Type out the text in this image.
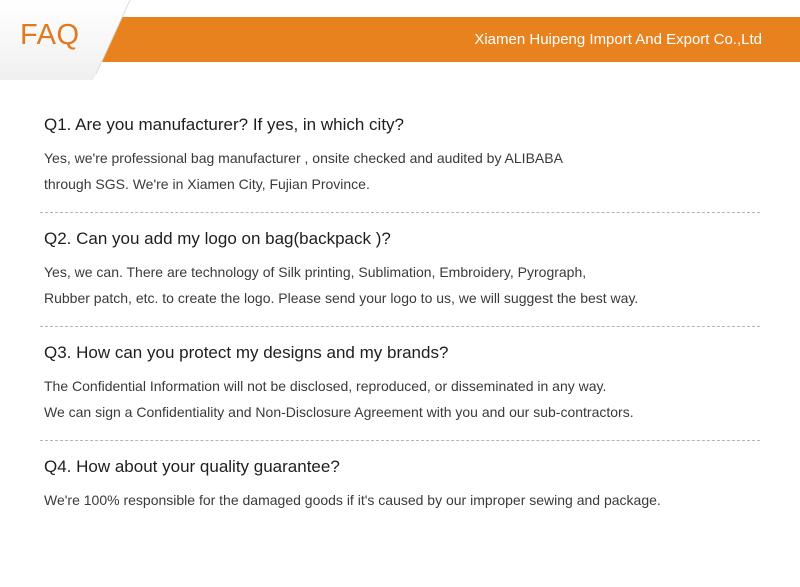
FAQ	Xiamen Huipeng Import And Export Co.,Ltd

Q1. Are you manufacturer? If yes, in which city?

Yes, we're professional bag manufacturer , onsite checked and audited by ALIBABA
through SGS. We're in Xiamen City, Fujian Province.

Q2. Can you add my logo on bag(backpack )?

Yes, we can. There are technology of Silk printing, Sublimation, Embroidery, Pyrograph,
Rubber patch, etc. to create the logo. Please send your logo to us, we will suggest the best way.

Q3. How can you protect my designs and my brands?

The Confidential Information will not be disclosed, reproduced, or disseminated in any way.
We can sign a Confidentiality and Non-Disclosure Agreement with you and our sub-contractors.

Q4. How about your quality guarantee?

We're 100% responsible for the damaged goods if it's caused by our improper sewing and package.
